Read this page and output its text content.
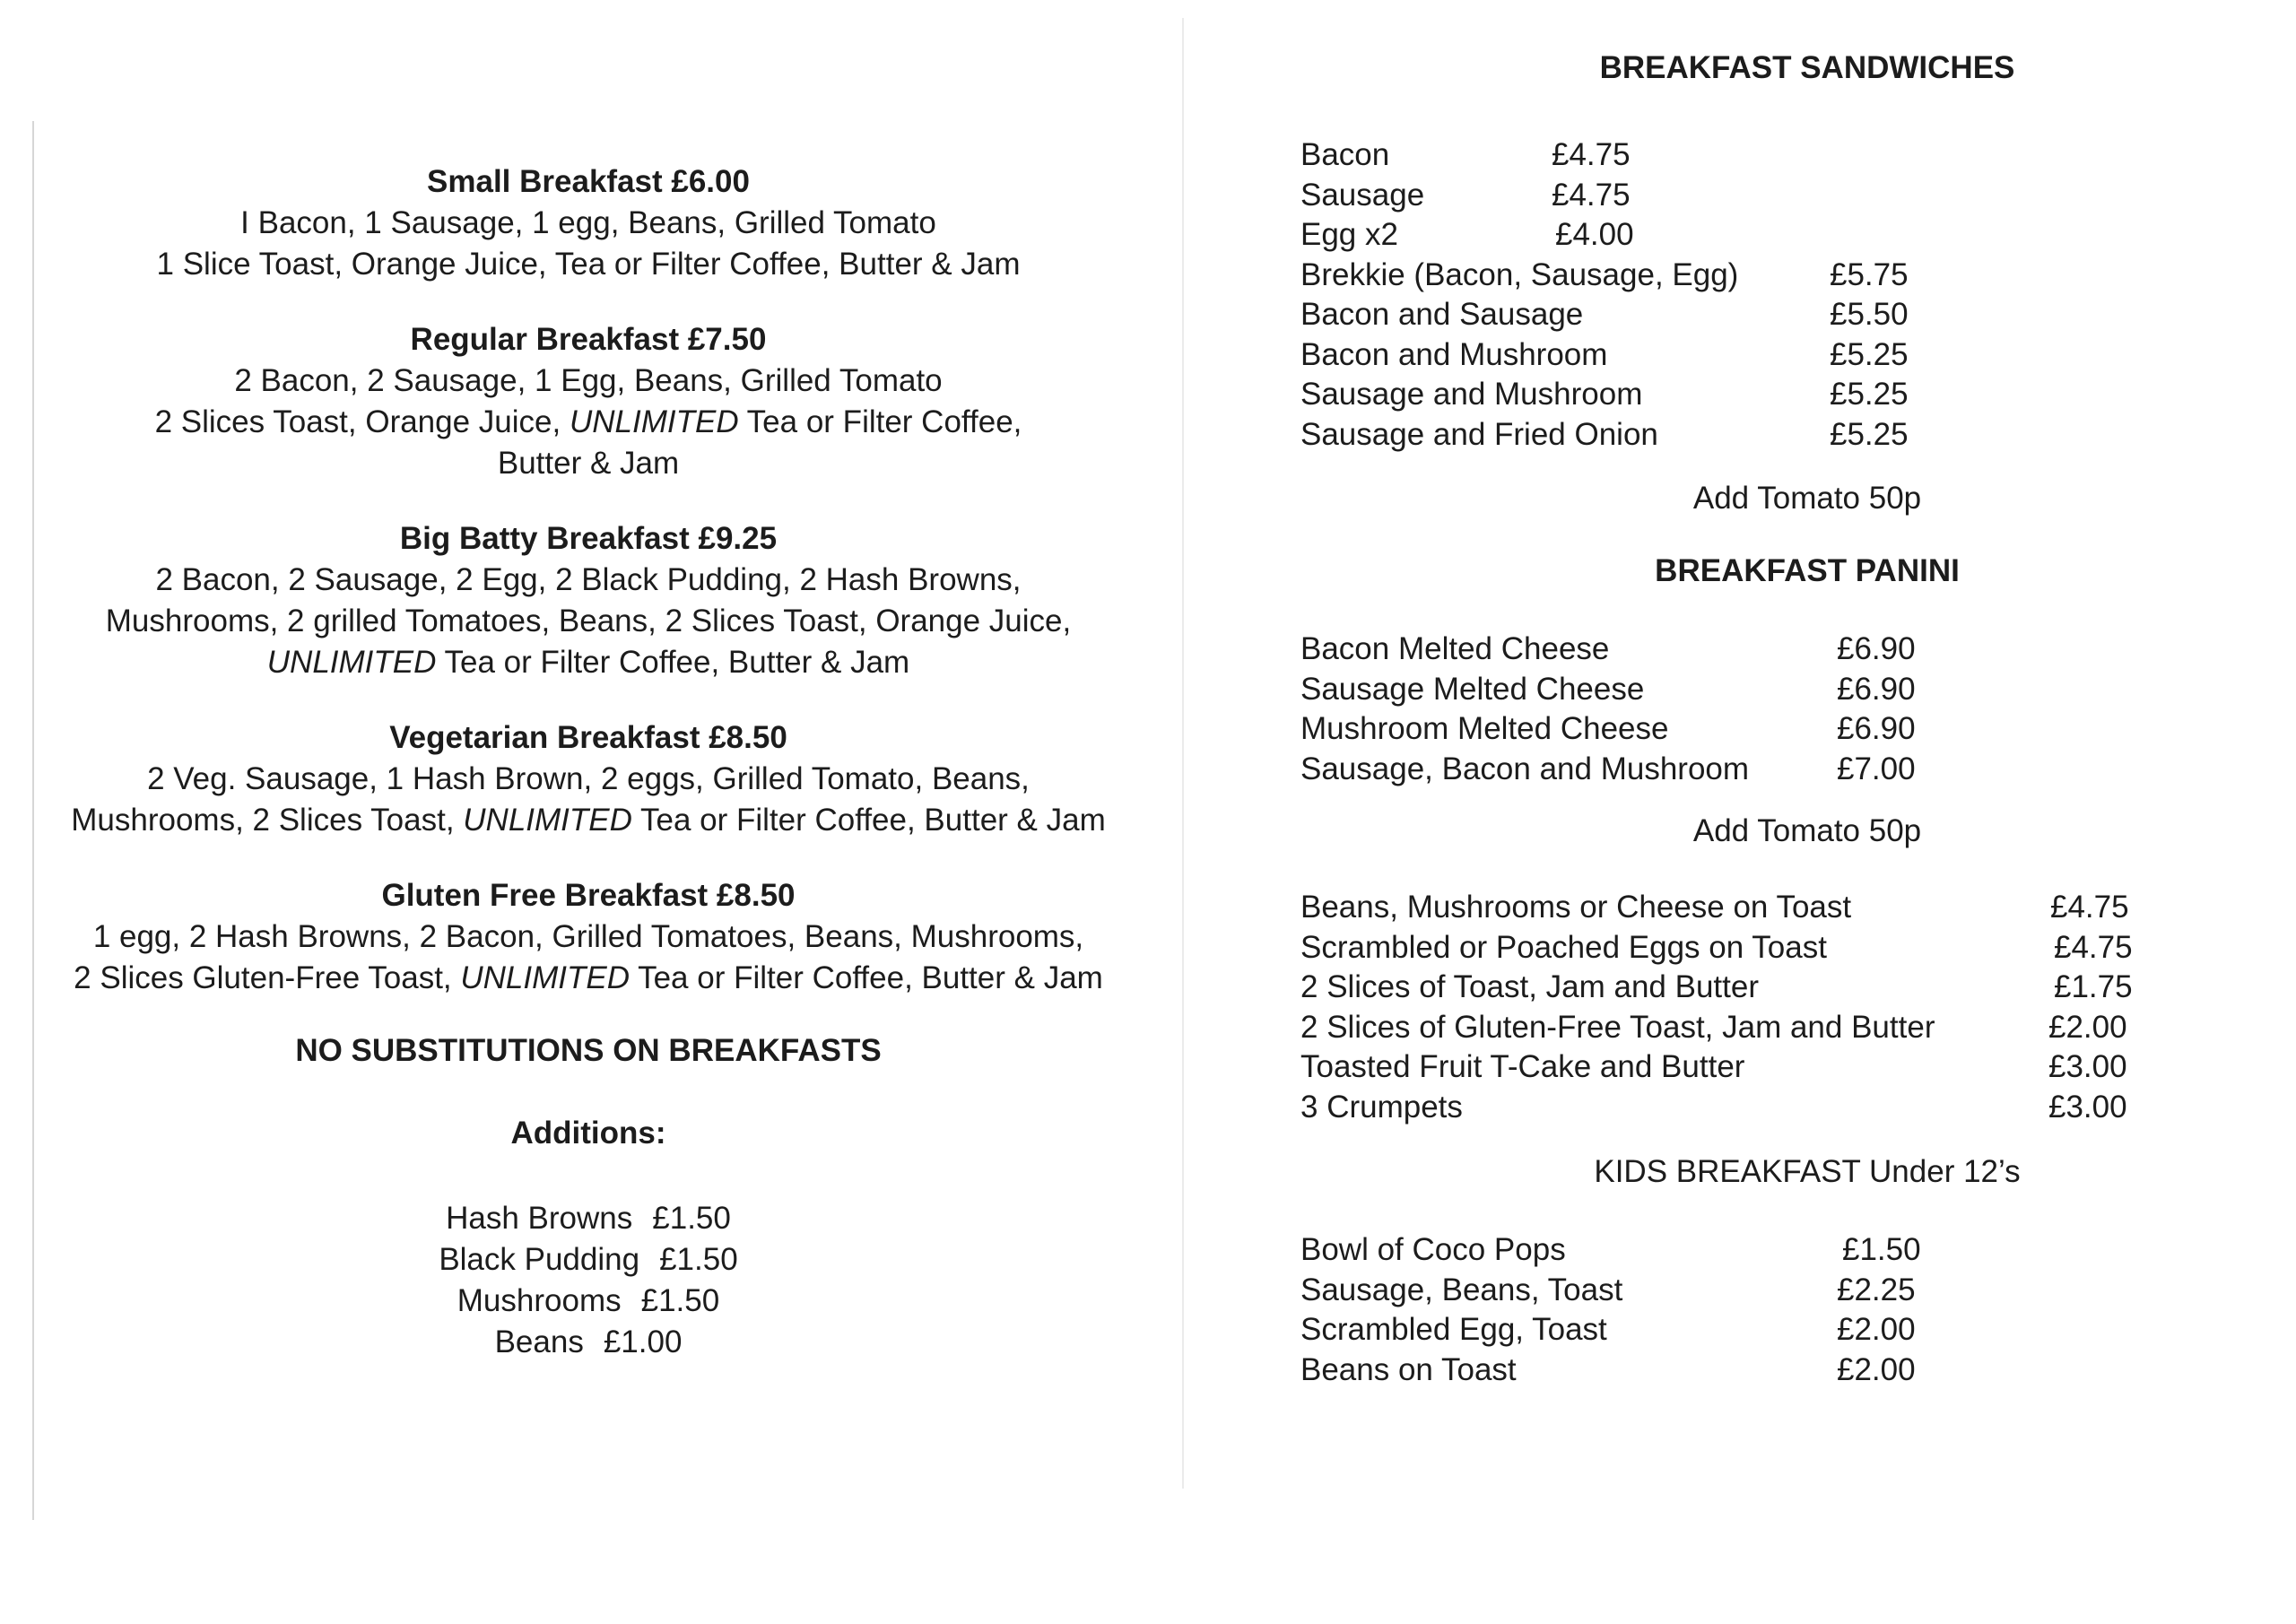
Small Breakfast £6.00
I Bacon, 1 Sausage, 1 egg, Beans, Grilled Tomato
1 Slice Toast, Orange Juice, Tea or Filter Coffee, Butter & Jam
Regular Breakfast £7.50
2 Bacon, 2 Sausage, 1 Egg, Beans, Grilled Tomato
2 Slices Toast, Orange Juice, UNLIMITED Tea or Filter Coffee,
Butter & Jam
Big Batty Breakfast £9.25
2 Bacon, 2 Sausage, 2 Egg, 2 Black Pudding, 2 Hash Browns,
Mushrooms, 2 grilled Tomatoes, Beans, 2 Slices Toast, Orange Juice,
UNLIMITED Tea or Filter Coffee, Butter & Jam
Vegetarian Breakfast £8.50
2 Veg. Sausage, 1 Hash Brown, 2 eggs, Grilled Tomato, Beans,
Mushrooms, 2 Slices Toast, UNLIMITED Tea or Filter Coffee, Butter & Jam
Gluten Free Breakfast £8.50
1 egg, 2 Hash Browns, 2 Bacon, Grilled Tomatoes, Beans, Mushrooms,
2 Slices Gluten-Free Toast, UNLIMITED Tea or Filter Coffee, Butter & Jam
NO SUBSTITUTIONS ON BREAKFASTS
Additions:
Hash Browns £1.50
Black Pudding £1.50
Mushrooms £1.50
Beans £1.00
BREAKFAST SANDWICHES
Bacon	£4.75
Sausage	£4.75
Egg x2	£4.00
Brekkie (Bacon, Sausage, Egg)	£5.75
Bacon and Sausage	£5.50
Bacon and Mushroom	£5.25
Sausage and Mushroom	£5.25
Sausage and Fried Onion	£5.25
Add Tomato 50p
BREAKFAST PANINI
Bacon Melted Cheese	£6.90
Sausage Melted Cheese	£6.90
Mushroom Melted Cheese	£6.90
Sausage, Bacon and Mushroom	£7.00
Add Tomato 50p
Beans, Mushrooms or Cheese on Toast	£4.75
Scrambled or Poached Eggs on Toast	£4.75
2 Slices of Toast, Jam and Butter	£1.75
2 Slices of Gluten-Free Toast, Jam and Butter	£2.00
Toasted Fruit T-Cake and Butter	£3.00
3 Crumpets	£3.00
KIDS BREAKFAST Under 12’s
Bowl of Coco Pops	£1.50
Sausage, Beans, Toast	£2.25
Scrambled Egg, Toast	£2.00
Beans on Toast	£2.00
